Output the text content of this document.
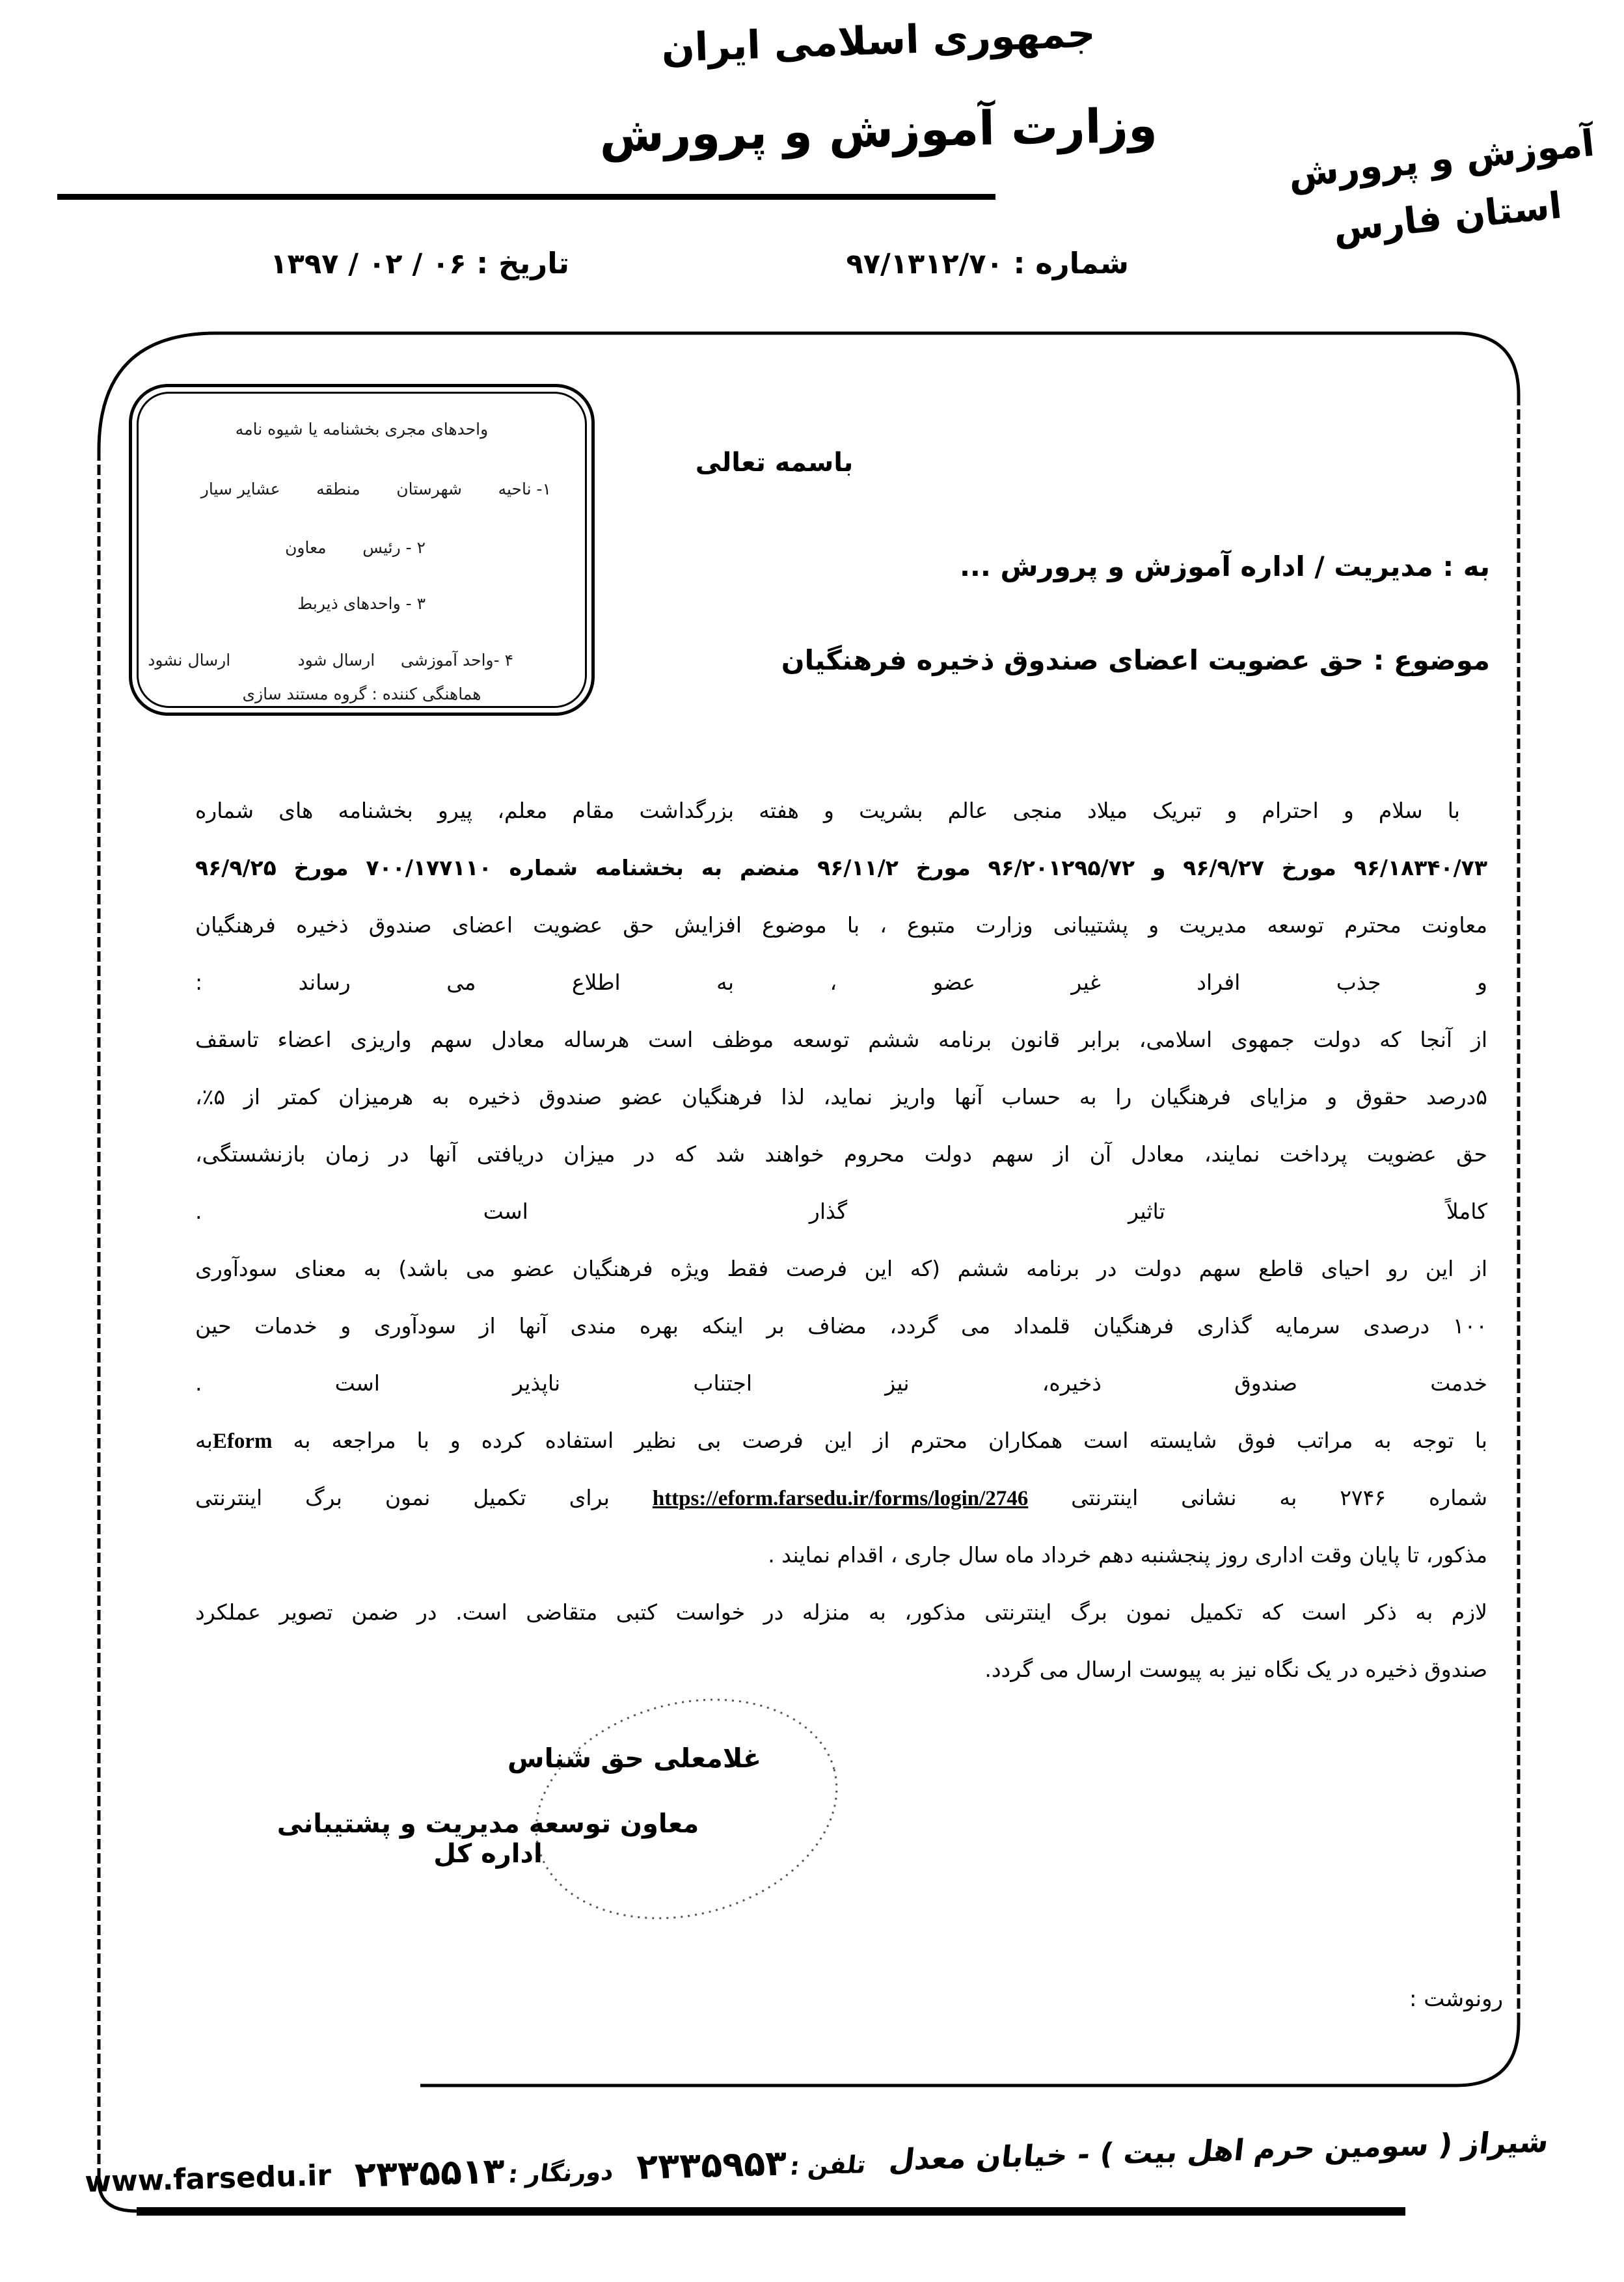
جمهوری اسلامی ایران
وزارت آموزش و پرورش	آموزش و پرورش
استان فارس
شماره : ۹۷/۱۳۱۲/۷۰
تاریخ : ۱۳۹۷ / ۰۲ / ۰۶
واحدهای مجری بخشنامه یا شیوه نامه
۱- ناحیه       شهرستان       منطقه       عشایر سیار
۲ - رئیس       معاون
۳ - واحدهای ذیربط
۴ -واحد آموزشی     ارسال شود             ارسال نشود
هماهنگی کننده : گروه مستند سازی
باسمه تعالی
به : مدیریت / اداره آموزش و پرورش ...
موضوع : حق عضویت اعضای صندوق ذخیره فرهنگیان
با سلام و احترام و تبریک میلاد منجی عالم بشریت و هفته بزرگداشت مقام معلم، پیرو بخشنامه های شماره
۹۶/۱۸۳۴۰/۷۳ مورخ ۹۶/۹/۲۷ و ۹۶/۲۰۱۲۹۵/۷۲ مورخ ۹۶/۱۱/۲ منضم به بخشنامه شماره ۷۰۰/۱۷۷۱۱۰ مورخ ۹۶/۹/۲۵
معاونت محترم توسعه مدیریت و پشتیبانی وزارت متبوع ، با موضوع افزایش حق عضویت اعضای صندوق ذخیره فرهنگیان
و جذب افراد غیر عضو ، به اطلاع می رساند :
از آنجا که دولت جمهوی اسلامی، برابر قانون برنامه ششم توسعه موظف است هرساله معادل سهم واریزی اعضاء تاسقف
۵درصد حقوق و مزایای فرهنگیان را به حساب آنها واریز نماید، لذا فرهنگیان عضو صندوق ذخیره به هرمیزان کمتر از ۵٪،
حق عضویت پرداخت نمایند، معادل آن از سهم دولت محروم خواهند شد که در میزان دریافتی آنها در زمان بازنشستگی،
کاملاً تاثیر گذار است .
از این رو احیای قاطع سهم دولت در برنامه ششم (که این فرصت فقط ویژه فرهنگیان عضو می باشد) به معنای سودآوری
۱۰۰ درصدی سرمایه گذاری فرهنگیان قلمداد می گردد، مضاف بر اینکه بهره مندی آنها از سودآوری و خدمات حین
خدمت صندوق ذخیره، نیز اجتناب ناپذیر است .
با توجه به مراتب فوق شایسته است همکاران محترم از این فرصت بی نظیر استفاده کرده و با مراجعه به Eformبه
شماره ۲۷۴۶ به نشانی اینترنتی https://eform.farsedu.ir/forms/login/2746 برای تکمیل نمون برگ اینترنتی
مذکور، تا پایان وقت اداری روز پنجشنبه دهم خرداد ماه سال جاری ، اقدام نمایند .
لازم به ذکر است که تکمیل نمون برگ اینترنتی مذکور، به منزله در خواست کتبی متقاضی است. در ضمن تصویر عملکرد
صندوق ذخیره در یک نگاه نیز به پیوست ارسال می گردد.
غلامعلی حق شناس
معاون توسعه مدیریت و پشتیبانی اداره کل
رونوشت :
شیراز ( سومین حرم اهل بیت ) - خیابان معدل
تلفن : ۲۳۳۵۹۵۳
دورنگار : ۲۳۳۵۵۱۳
www.farsedu.ir
